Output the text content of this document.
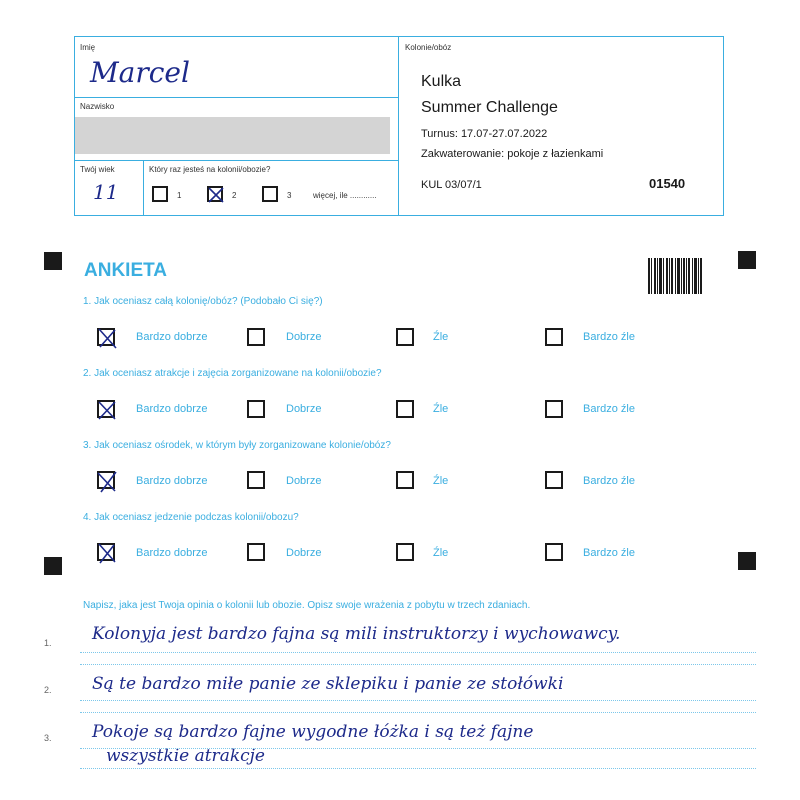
Imię
Marcel
Nazwisko
Twój wiek
11
Który raz jesteś na kolonii/obozie?
1	2	3	więcej, ile ............
Kolonie/obóz
Kulka
Summer Challenge
Turnus: 17.07-27.07.2022
Zakwaterowanie: pokoje z łazienkami
KUL 03/07/1	01540
ANKIETA
1. Jak oceniasz całą kolonię/obóz? (Podobało Ci się?)
Bardzo dobrze	Dobrze	Źle	Bardzo źle
2. Jak oceniasz atrakcje i zajęcia zorganizowane na kolonii/obozie?
Bardzo dobrze	Dobrze	Źle	Bardzo źle
3. Jak oceniasz ośrodek, w którym były zorganizowane kolonie/obóz?
Bardzo dobrze	Dobrze	Źle	Bardzo źle
4. Jak oceniasz jedzenie podczas kolonii/obozu?
Bardzo dobrze	Dobrze	Źle	Bardzo źle
Napisz, jaka jest Twoja opinia o kolonii lub obozie. Opisz swoje wrażenia z pobytu w trzech zdaniach.
1. Kolonyja jest bardzo fajna są mili instruktorzy i wychowawcy.
2. Są te bardzo miłe panie ze sklepiku i panie ze stołówki
3. Pokoje są bardzo fajne wygodne łóżka i są też fajne
wszystkie atrakcje
